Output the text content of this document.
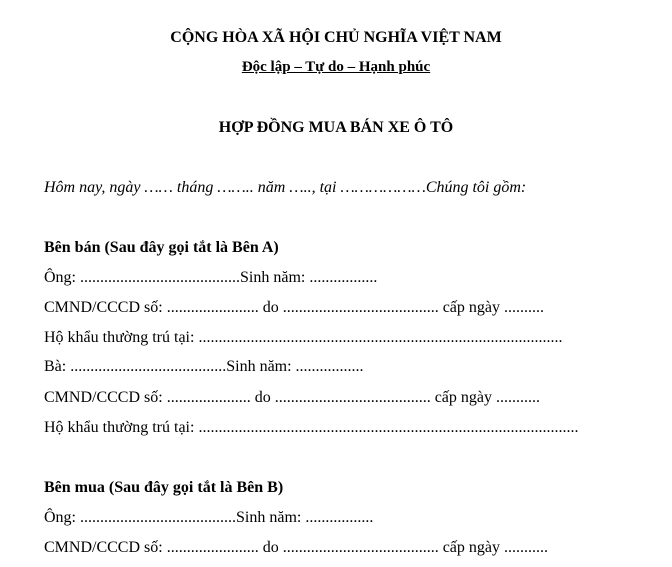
CỘNG HÒA XÃ HỘI CHỦ NGHĨA VIỆT NAM
Độc lập – Tự do – Hạnh phúc
HỢP ĐỒNG MUA BÁN XE Ô TÔ
Hôm nay, ngày …… tháng …….. năm ….., tại ………………Chúng tôi gồm:
Bên bán (Sau đây gọi tắt là Bên A)
Ông: ........................................Sinh năm: .................
CMND/CCCD số: ....................... do ....................................... cấp ngày ..........
Hộ khẩu thường trú tại: ...........................................................................................
Bà: .......................................Sinh năm: .................
CMND/CCCD số: ..................... do ....................................... cấp ngày ...........
Hộ khẩu thường trú tại: ...............................................................................................
Bên mua (Sau đây gọi tắt là Bên B)
Ông: .......................................Sinh năm: .................
CMND/CCCD số: ....................... do ....................................... cấp ngày ...........
